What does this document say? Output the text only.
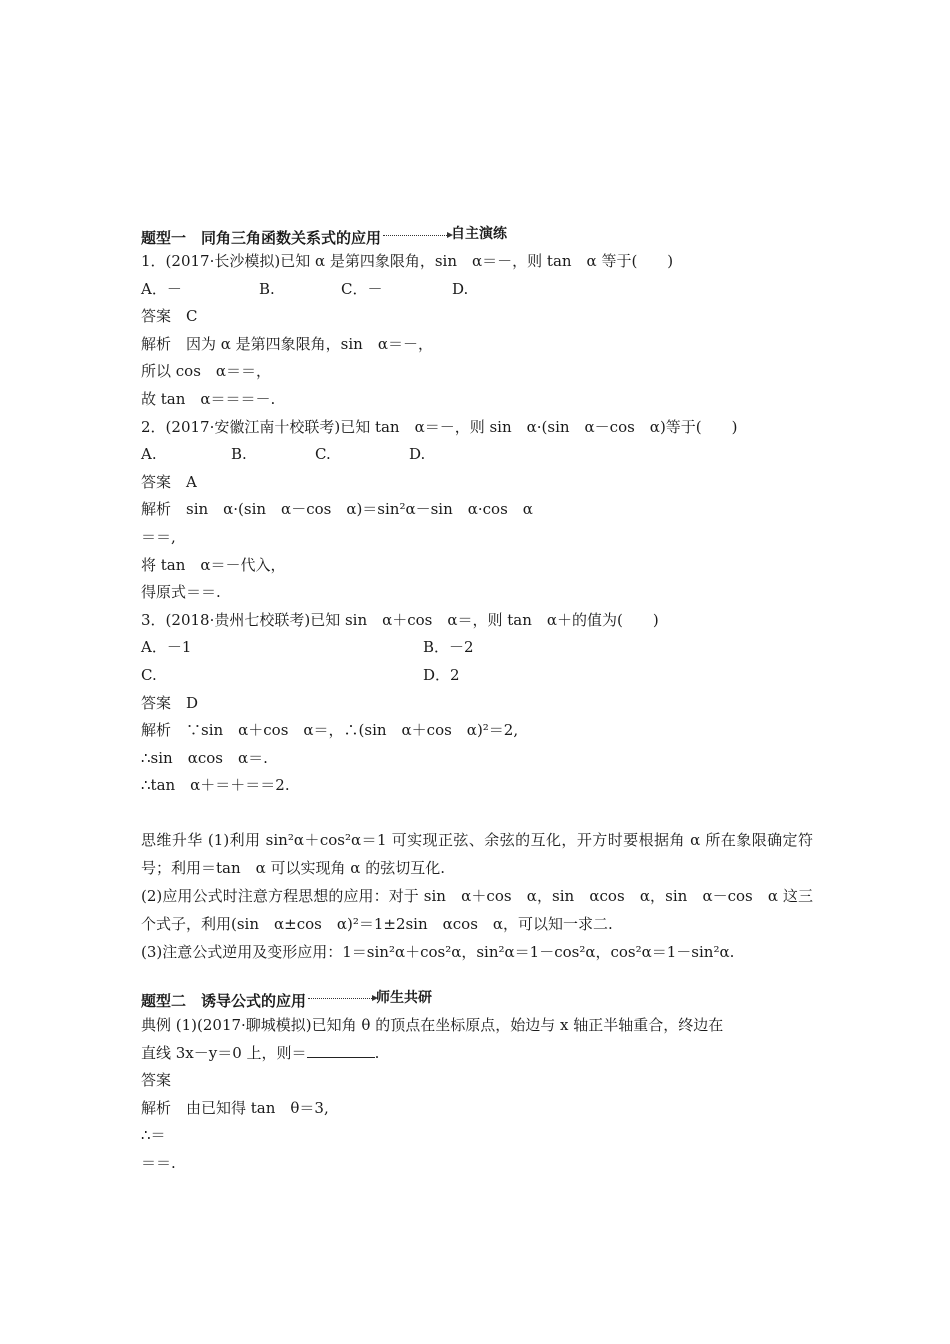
题型一　同角三角函数关系式的应用	自主演练
1．(2017·长沙模拟)已知 α 是第四象限角，sin　α＝－，则 tan　α 等于(　　)
A．－	B.	C．－	D.
答案　C
解析　因为 α 是第四象限角，sin　α＝－，
所以 cos　α＝＝，
故 tan　α＝＝＝－.
2．(2017·安徽江南十校联考)已知 tan　α＝－，则 sin　α·(sin　α－cos　α)等于(　　)
A.	B.	C.	D.
答案　A
解析　sin　α·(sin　α－cos　α)＝sin²α－sin　α·cos　α
＝＝,
将 tan　α＝－代入，
得原式＝＝.
3．(2018·贵州七校联考)已知 sin　α＋cos　α＝，则 tan　α＋的值为(　　)
A．－1	B．－2
C.	D．2
答案　D
解析　∵sin　α＋cos　α＝，∴(sin　α＋cos　α)²＝2,
∴sin　αcos　α＝.
∴tan　α＋＝＋＝＝2.
思维升华 (1)利用 sin²α＋cos²α＝1 可实现正弦、余弦的互化，开方时要根据角 α 所在象限确定符号；利用＝tan　α 可以实现角 α 的弦切互化.
(2)应用公式时注意方程思想的应用：对于 sin　α＋cos　α，sin　αcos　α，sin　α－cos　α 这三个式子，利用(sin　α±cos　α)²＝1±2sin　αcos　α，可以知一求二.
(3)注意公式逆用及变形应用：1＝sin²α＋cos²α，sin²α＝1－cos²α，cos²α＝1－sin²α.
题型二　诱导公式的应用	师生共研
典例 (1)(2017·聊城模拟)已知角 θ 的顶点在坐标原点，始边与 x 轴正半轴重合，终边在
直线 3x－y＝0 上，则＝	.
答案
解析　由已知得 tan　θ＝3,
∴＝
＝＝.
